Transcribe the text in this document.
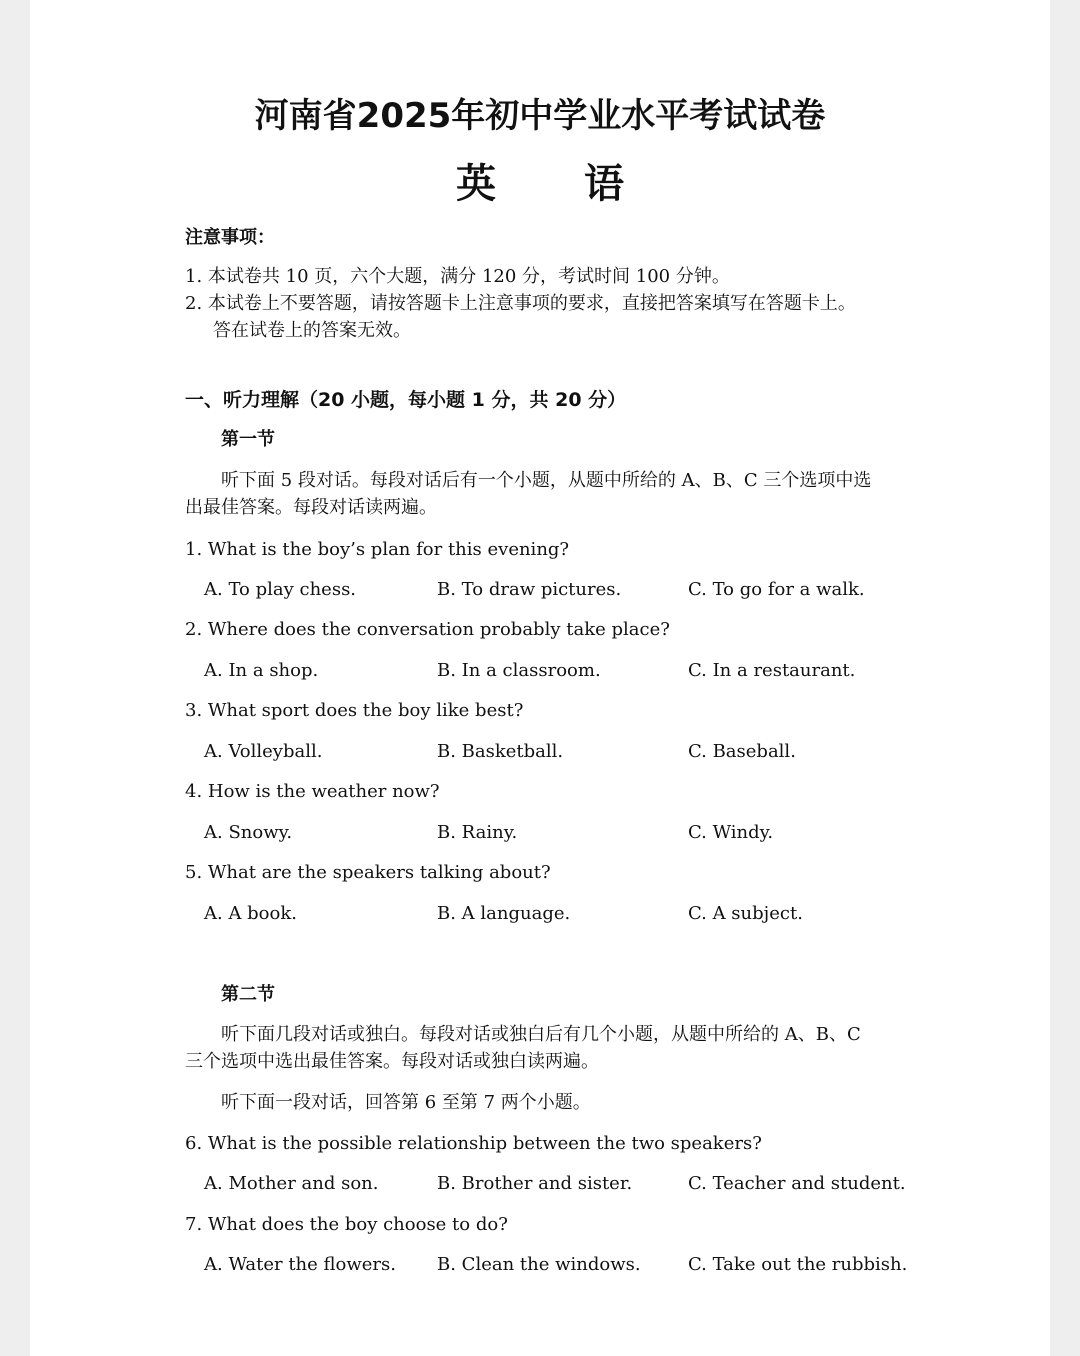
河南省2025年初中学业水平考试试卷
英 语
注意事项：
1. 本试卷共 10 页，六个大题，满分 120 分，考试时间 100 分钟。
2. 本试卷上不要答题，请按答题卡上注意事项的要求，直接把答案填写在答题卡上。
答在试卷上的答案无效。
一、听力理解（20 小题，每小题 1 分，共 20 分）
第一节
听下面 5 段对话。每段对话后有一个小题，从题中所给的 A、B、C 三个选项中选
出最佳答案。每段对话读两遍。
1. What is the boy’s plan for this evening?
A. To play chess.	B. To draw pictures.	C. To go for a walk.
2. Where does the conversation probably take place?
A. In a shop.	B. In a classroom.	C. In a restaurant.
3. What sport does the boy like best?
A. Volleyball.	B. Basketball.	C. Baseball.
4. How is the weather now?
A. Snowy.	B. Rainy.	C. Windy.
5. What are the speakers talking about?
A. A book.	B. A language.	C. A subject.
第二节
听下面几段对话或独白。每段对话或独白后有几个小题，从题中所给的 A、B、C
三个选项中选出最佳答案。每段对话或独白读两遍。
听下面一段对话，回答第 6 至第 7 两个小题。
6. What is the possible relationship between the two speakers?
A. Mother and son.	B. Brother and sister.	C. Teacher and student.
7. What does the boy choose to do?
A. Water the flowers. B. Clean the windows.	C. Take out the rubbish.
